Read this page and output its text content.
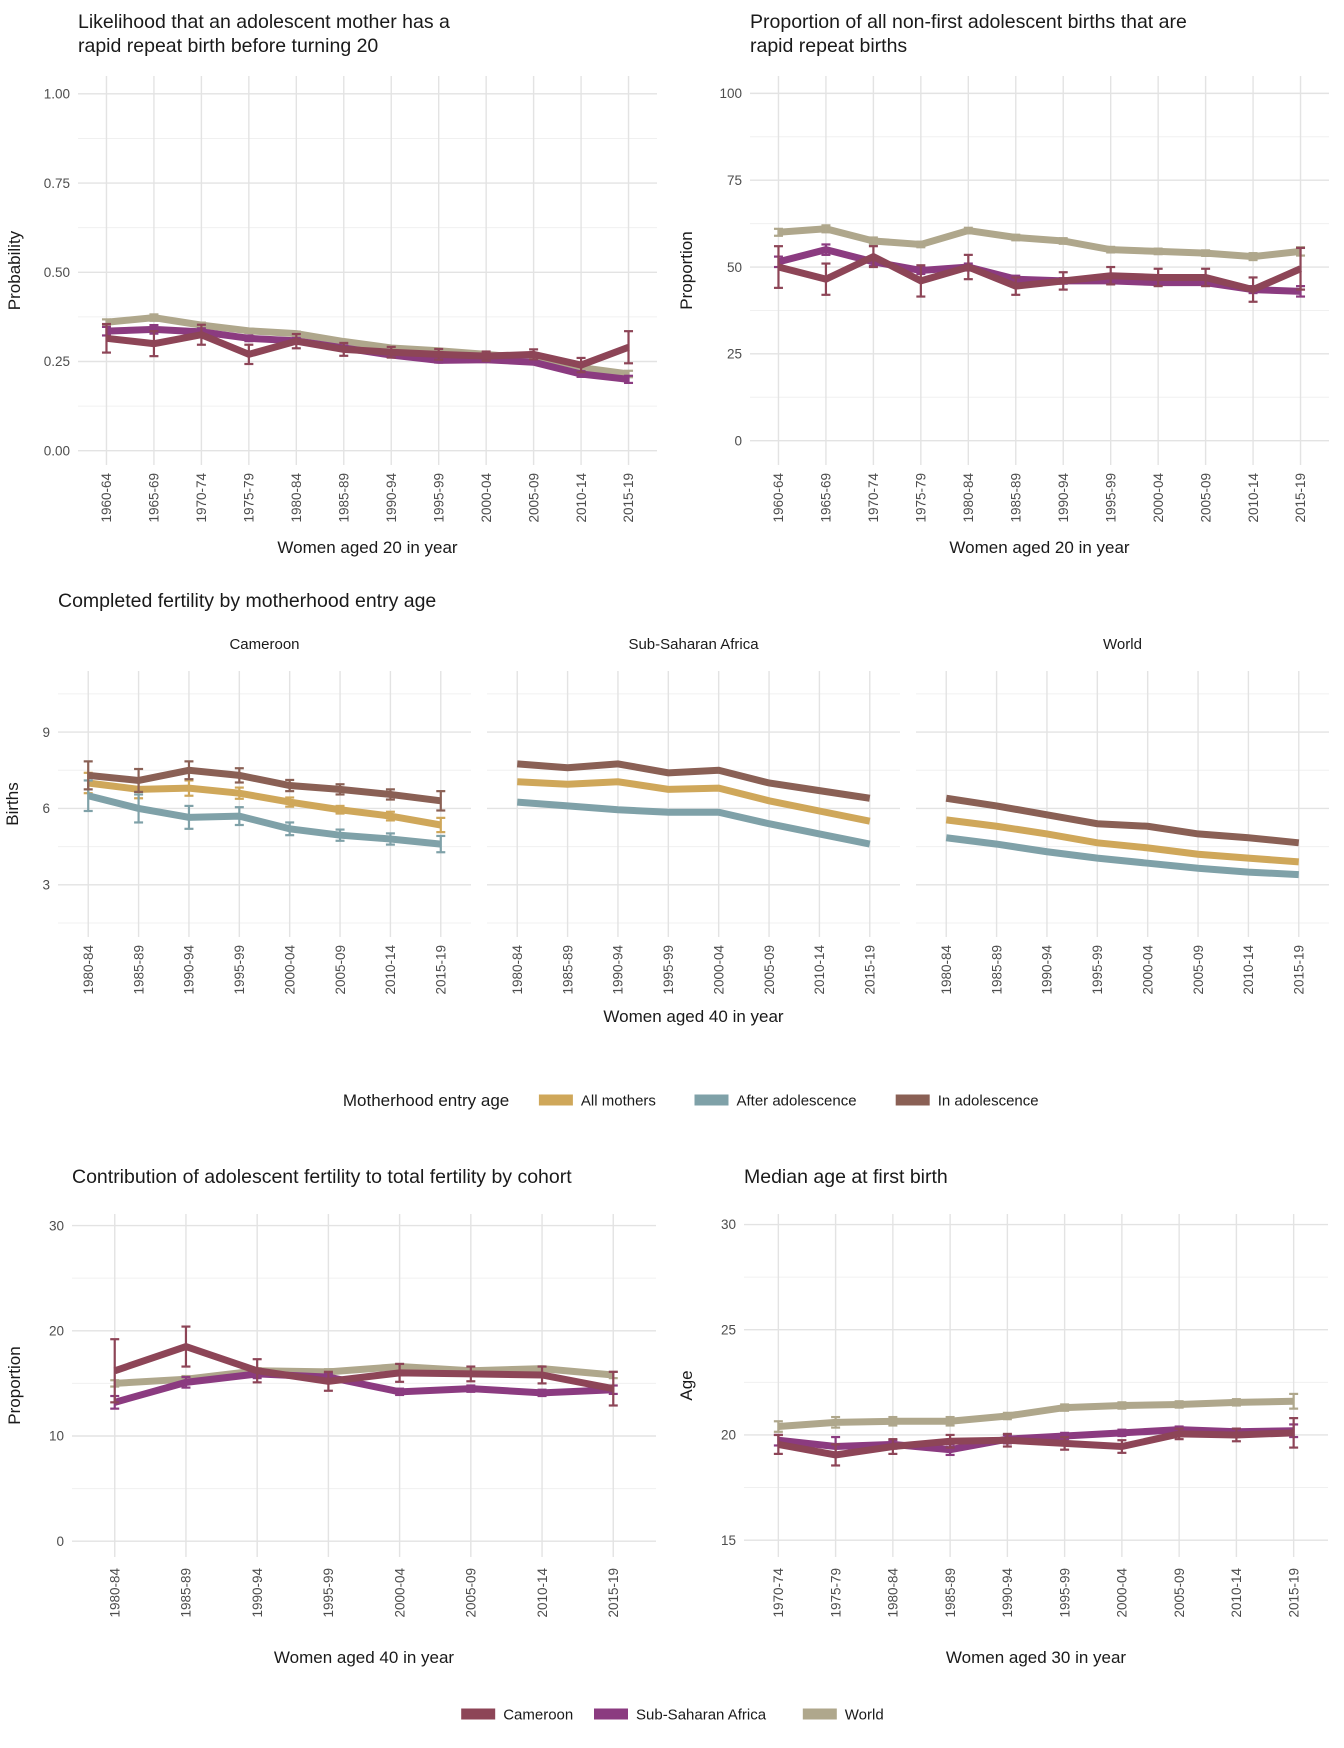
Likelihood that an adolescent mother has a
rapid repeat birth before turning 20
1960-64 1965-69 1970-74 1975-79 1980-84 1985-89 1990-94 1995-99 2000-04 2005-09 2010-14 2015-19
0.00
0.25
0.50
0.75
1.00
Women aged 20 in year
Probability
Proportion of all non-first adolescent births that are
rapid repeat births
1960-64 1965-69 1970-74 1975-79 1980-84 1985-89 1990-94 1995-99 2000-04 2005-09 2010-14 2015-19
0
25
50
75
100
Women aged 20 in year
Proportion
Completed fertility by motherhood entry age
Cameroon
1980-84	1985-89	1990-94	1995-99	2000-04	2005-09	2010-14	2015-19
Sub-Saharan Africa
1980-84	1985-89	1990-94	1995-99	2000-04	2005-09	2010-14	2015-19
World
1980-84	1985-89	1990-94	1995-99	2000-04	2005-09	2010-14	2015-19
3
6
9
Women aged 40 in year
Births
Motherhood entry age	All mothers	After adolescence	In adolescence
Contribution of adolescent fertility to total fertility by cohort
1980-84	1985-89	1990-94	1995-99	2000-04	2005-09	2010-14	2015-19
0
10
20
30
Women aged 40 in year
Proportion
Median age at first birth
1970-74	1975-79	1980-84	1985-89	1990-94	1995-99	2000-04	2005-09	2010-14	2015-19
15
20
25
30
Women aged 30 in year
Age
Cameroon	Sub-Saharan Africa	World
